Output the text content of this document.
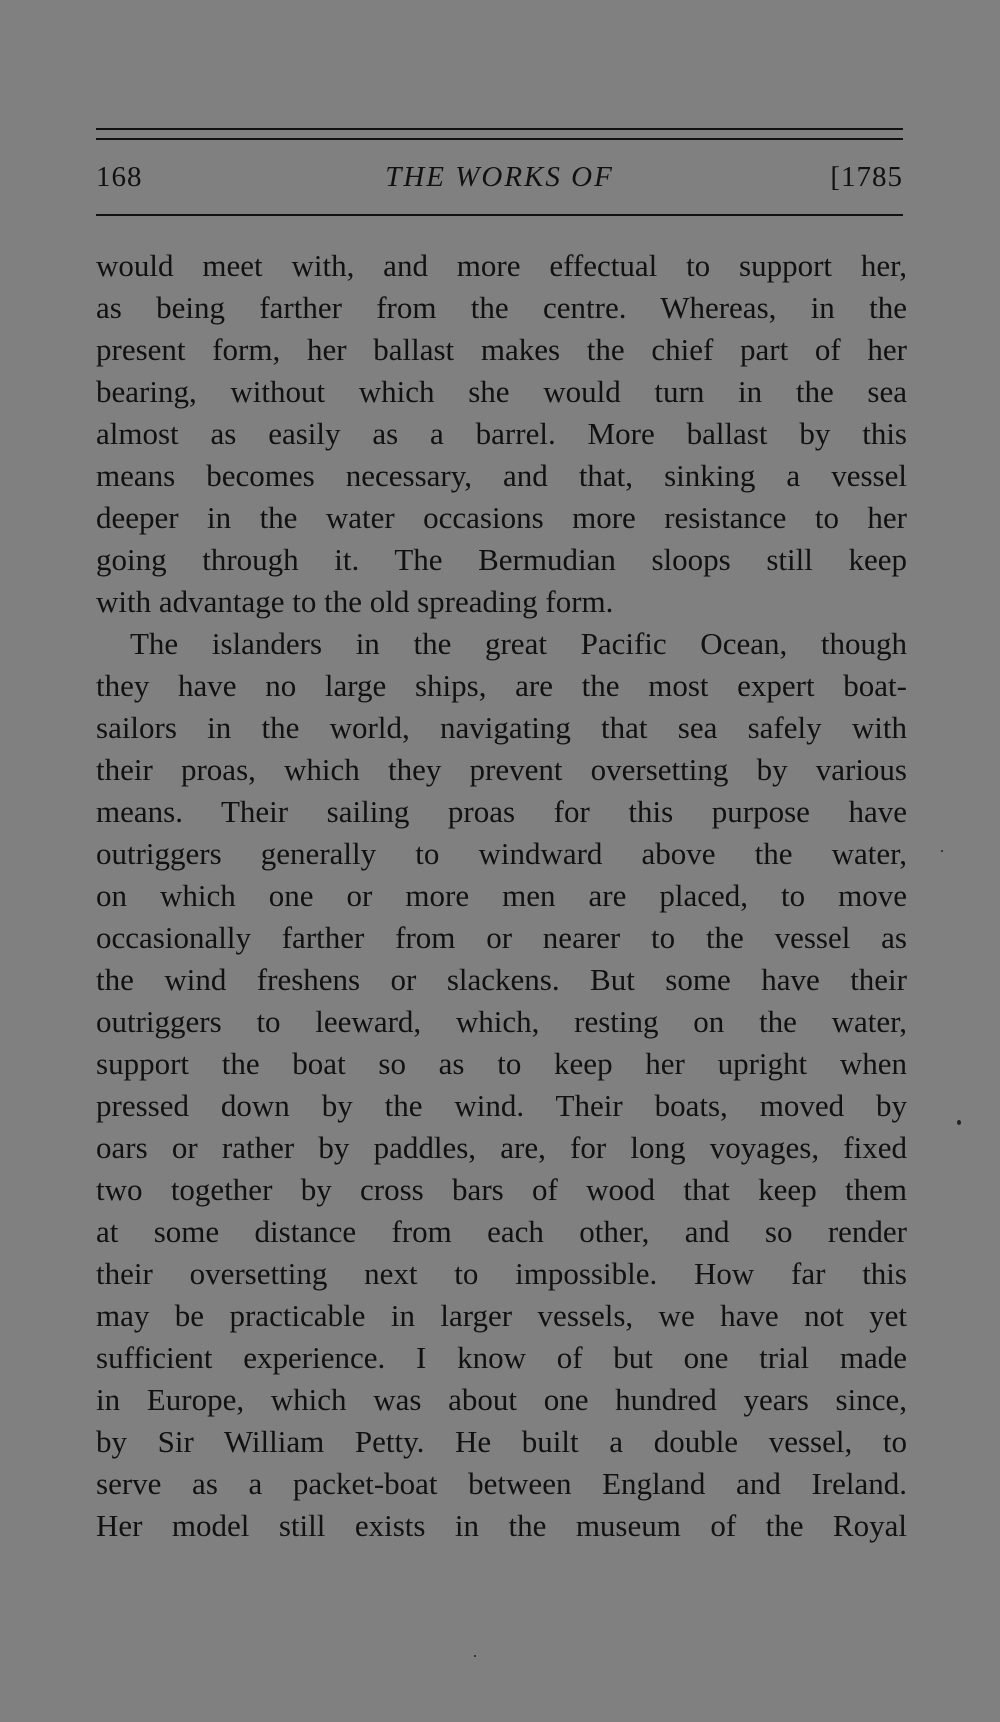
168	THE WORKS OF	[1785
would meet with, and more effectual to support her,
as being farther from the centre. Whereas, in the
present form, her ballast makes the chief part of her
bearing, without which she would turn in the sea
almost as easily as a barrel. More ballast by this
means becomes necessary, and that, sinking a vessel
deeper in the water occasions more resistance to her
going through it. The Bermudian sloops still keep
with advantage to the old spreading form.
The islanders in the great Pacific Ocean, though
they have no large ships, are the most expert boat-
sailors in the world, navigating that sea safely with
their proas, which they prevent oversetting by various
means. Their sailing proas for this purpose have
outriggers generally to windward above the water,
on which one or more men are placed, to move
occasionally farther from or nearer to the vessel as
the wind freshens or slackens. But some have their
outriggers to leeward, which, resting on the water,
support the boat so as to keep her upright when
pressed down by the wind. Their boats, moved by
oars or rather by paddles, are, for long voyages, fixed
two together by cross bars of wood that keep them
at some distance from each other, and so render
their oversetting next to impossible. How far this
may be practicable in larger vessels, we have not yet
sufficient experience. I know of but one trial made
in Europe, which was about one hundred years since,
by Sir William Petty. He built a double vessel, to
serve as a packet-boat between England and Ireland.
Her model still exists in the museum of the Royal
